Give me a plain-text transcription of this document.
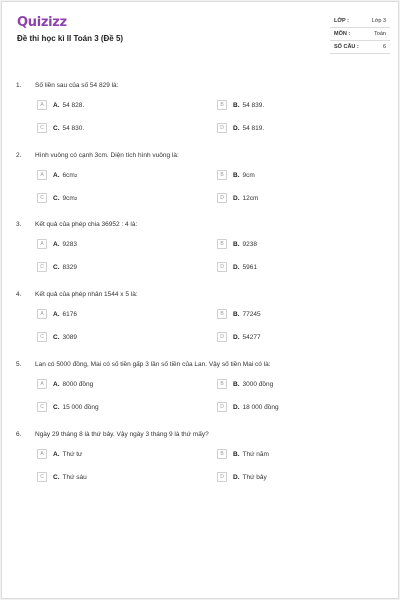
Quizizz
Đề thi học kì II Toán 3 (Đề 5)
LỚP :	Lớp 3
MÔN :	Toán
SỐ CÂU :	6
1. Số liền sau của số 54 829 là:
A	A. 54 828.	B	B. 54 839.
C	C. 54 830.	D	D. 54 819.
2. Hình vuông có cạnh 3cm. Diện tích hình vuông là:
A	A. 6cm 2	B	B. 9cm
C	C. 9cm 2	D	D. 12cm
3. Kết quả của phép chia 36952 : 4 là:
A	A. 9283	B	B. 9238
C	C. 8329	D	D. 5961
4. Kết quả của phép nhân 1544 x 5 là:
A	A. 6176	B	B. 77245
C	C. 3089	D	D. 54277
5. Lan có 5000 đồng, Mai có số tiền gấp 3 lần số tiền của Lan. Vậy số tiền Mai có là:
A	A. 8000 đồng	B	B. 3000 đồng
C	C. 15 000 đồng	D	D. 18 000 đồng
6. Ngày 29 tháng 8 là thứ bảy. Vậy ngày 3 tháng 9 là thứ mấy?
A	A. Thứ tư	B	B. Thứ năm
C	C. Thứ sáu	D	D. Thứ bảy
